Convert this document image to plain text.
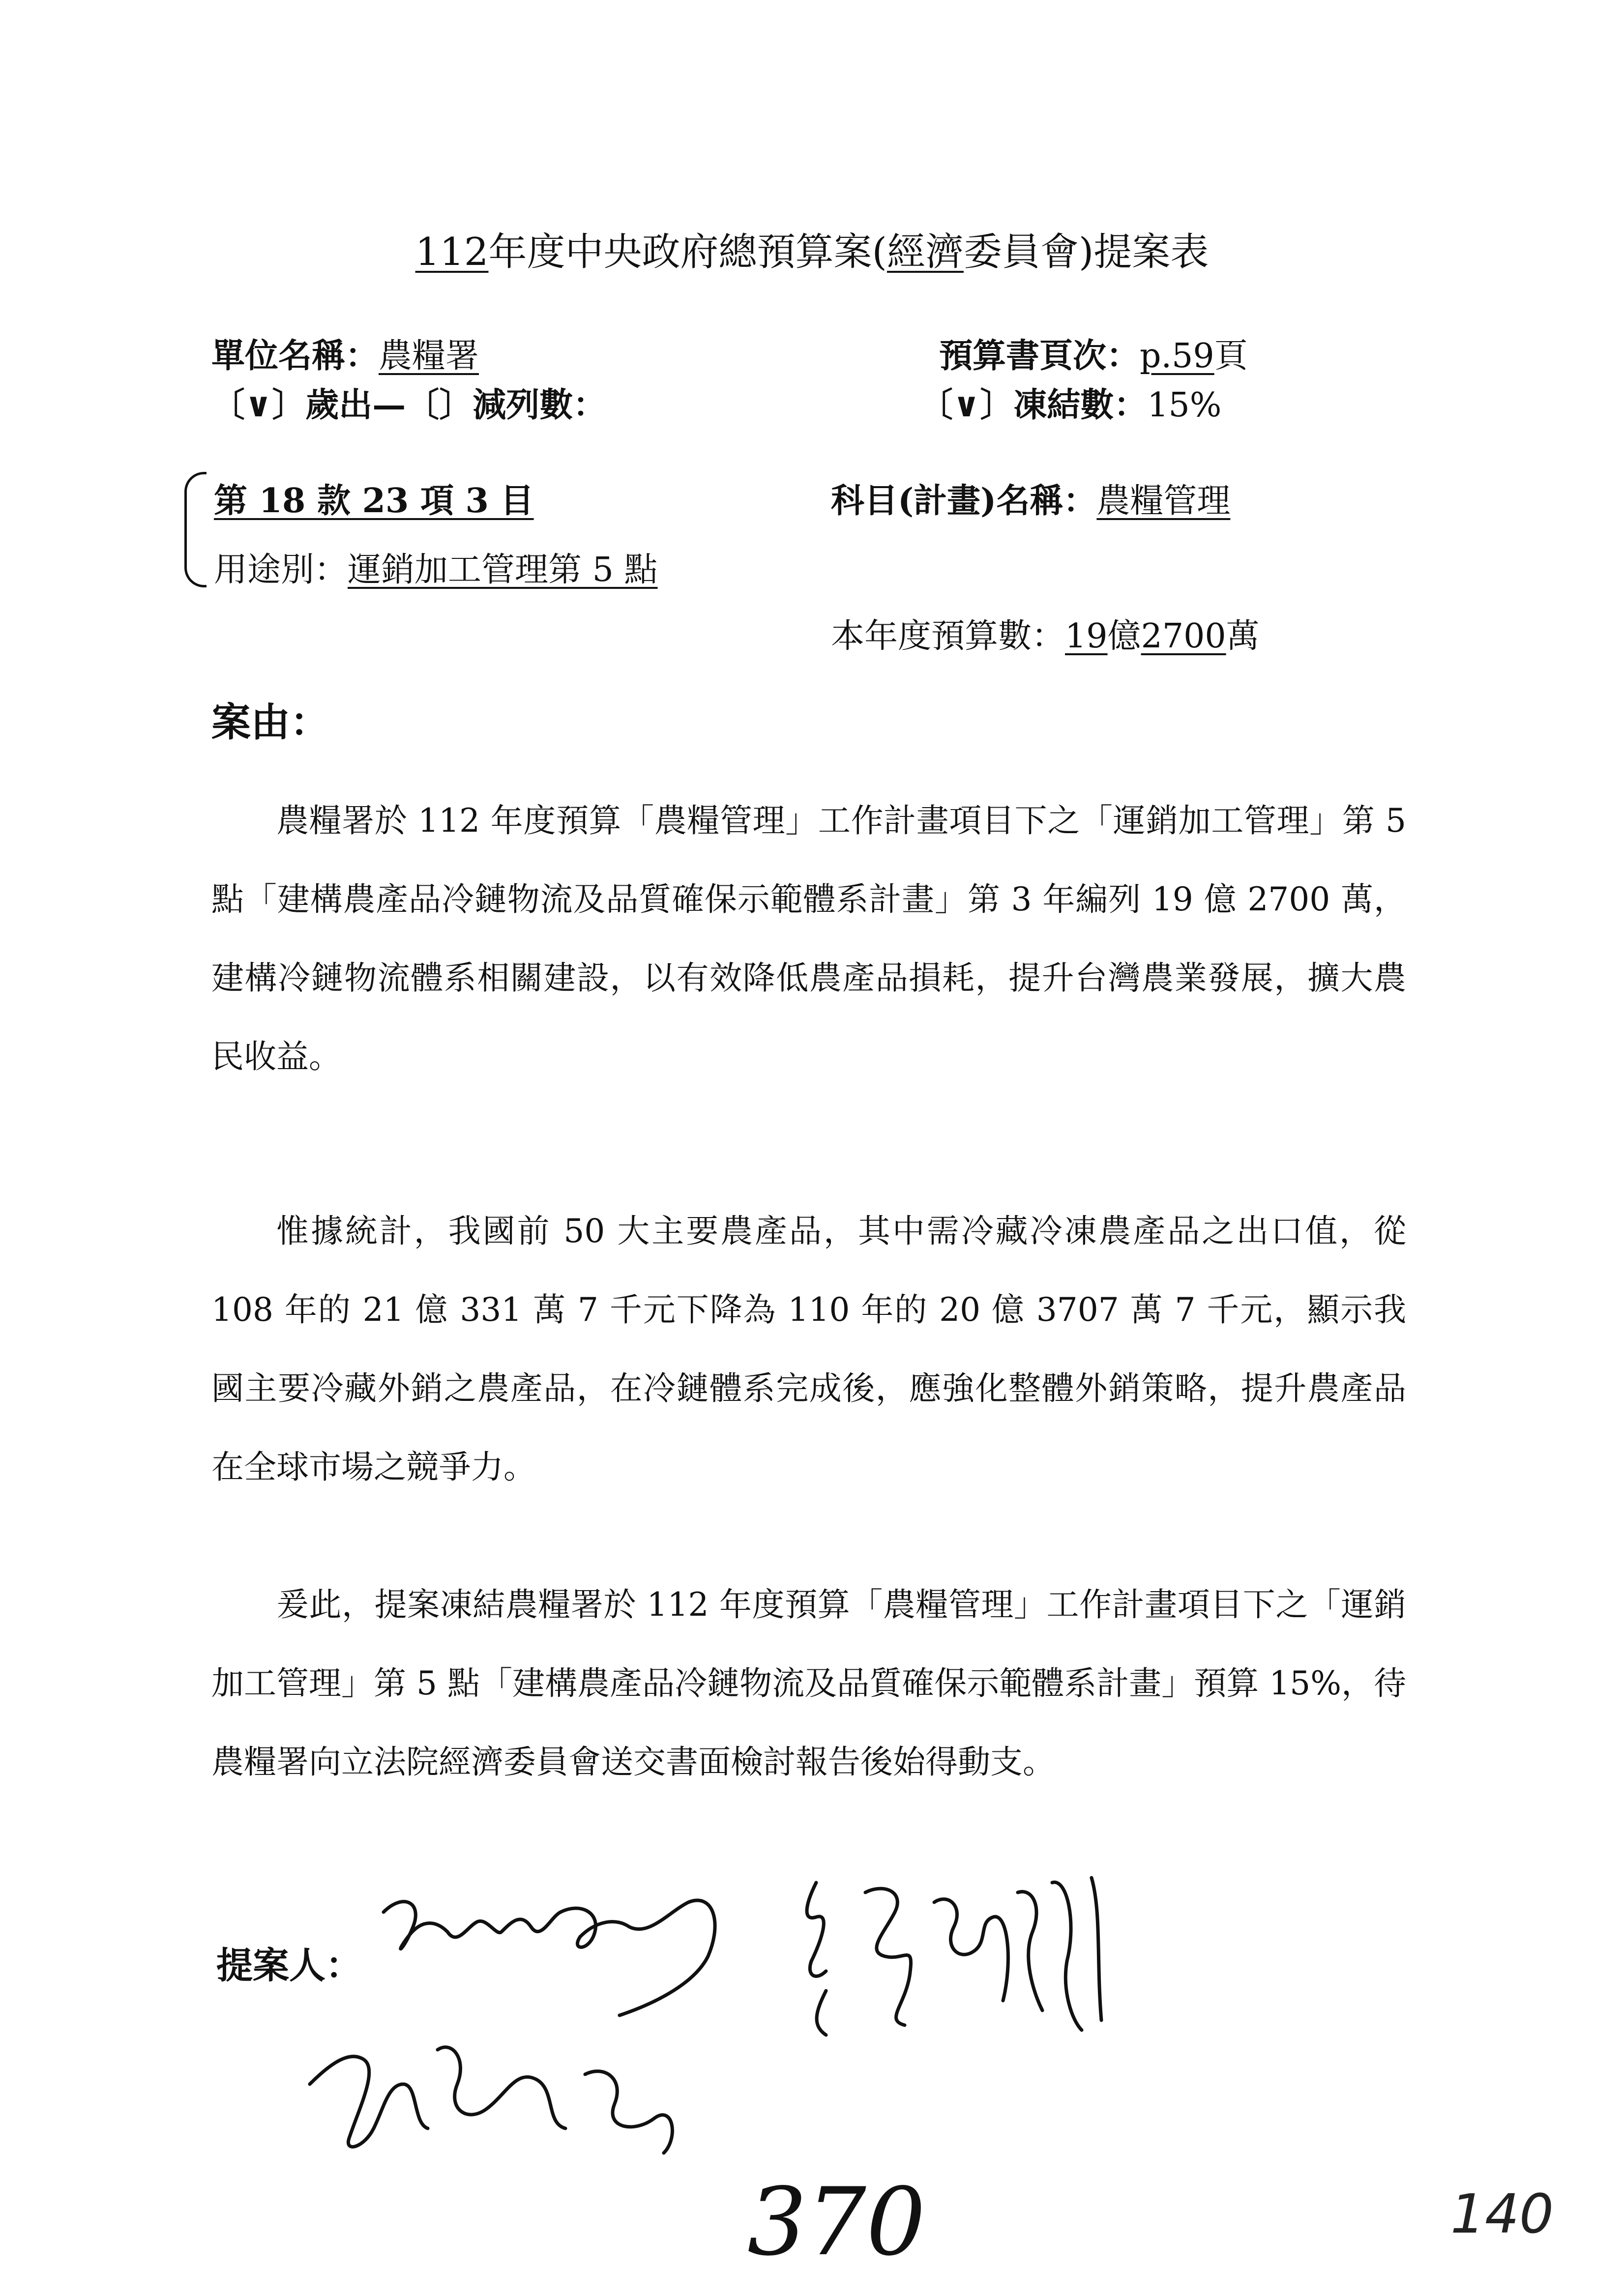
112年度中央政府總預算案(經濟委員會)提案表
單位名稱：農糧署	預算書頁次：p.59頁
〔∨〕歲出—〔〕減列數：	〔∨〕凍結數：15%
第 18 款 23 項 3 目	科目(計畫)名稱：農糧管理
用途別：運銷加工管理第 5 點
本年度預算數：19億2700萬
案由：
農糧署於 112 年度預算「農糧管理」工作計畫項目下之「運銷加工管理」第 5 點「建構農產品冷鏈物流及品質確保示範體系計畫」第 3 年編列 19 億 2700 萬，建構冷鏈物流體系相關建設，以有效降低農產品損耗，提升台灣農業發展，擴大農民收益。
惟據統計，我國前 50 大主要農產品，其中需冷藏冷凍農產品之出口值，從 108 年的 21 億 331 萬 7 千元下降為 110 年的 20 億 3707 萬 7 千元，顯示我國主要冷藏外銷之農產品，在冷鏈體系完成後，應強化整體外銷策略，提升農產品在全球市場之競爭力。
爰此，提案凍結農糧署於 112 年度預算「農糧管理」工作計畫項目下之「運銷加工管理」第 5 點「建構農產品冷鏈物流及品質確保示範體系計畫」預算 15%，待農糧署向立法院經濟委員會送交書面檢討報告後始得動支。
提案人：
370	140
